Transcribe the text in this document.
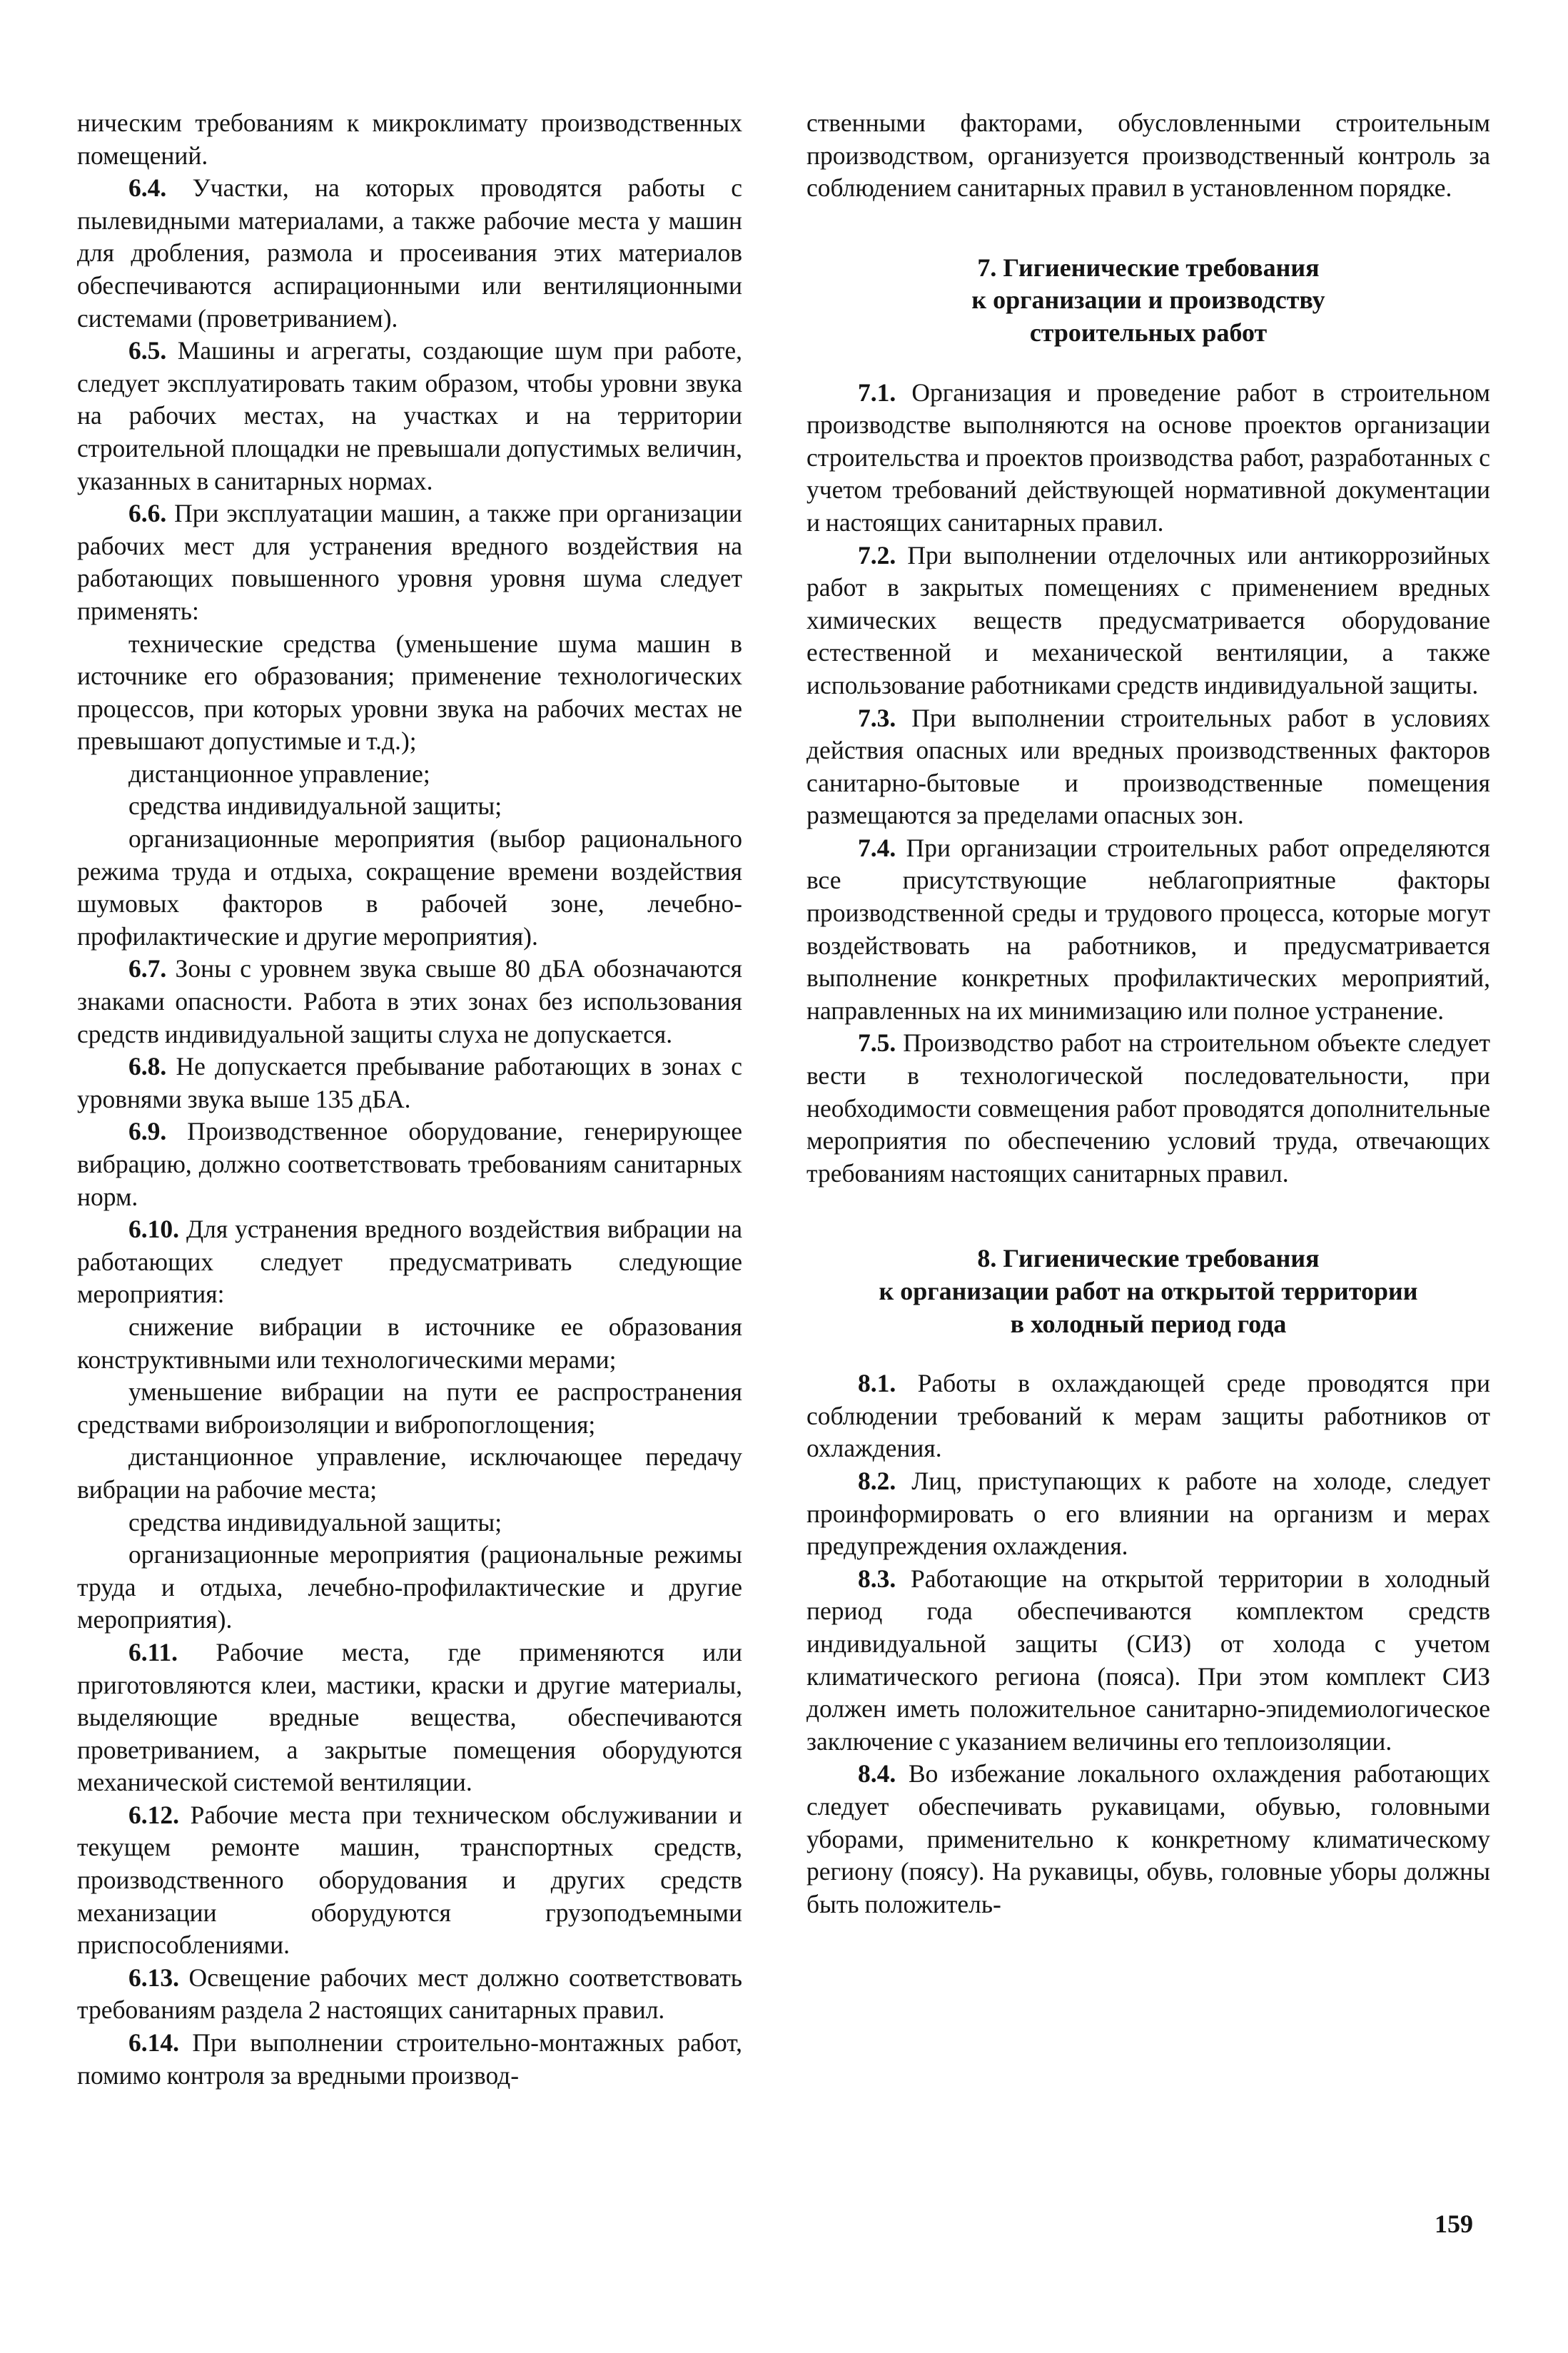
ническим требованиям к микроклимату производственных помещений.

6.4. Участки, на которых проводятся работы с пылевидными материалами, а также рабочие места у машин для дробления, размола и просеивания этих материалов обеспечиваются аспирационными или вентиляционными системами (проветриванием).

6.5. Машины и агрегаты, создающие шум при работе, следует эксплуатировать таким образом, чтобы уровни звука на рабочих местах, на участках и на территории строительной площадки не превышали допустимых величин, указанных в санитарных нормах.

6.6. При эксплуатации машин, а также при организации рабочих мест для устранения вредного воздействия на работающих повышенного уровня уровня шума следует применять:

технические средства (уменьшение шума машин в источнике его образования; применение технологических процессов, при которых уровни звука на рабочих местах не превышают допустимые и т.д.);

дистанционное управление;

средства индивидуальной защиты;

организационные мероприятия (выбор рационального режима труда и отдыха, сокращение времени воздействия шумовых факторов в рабочей зоне, лечебно-профилактические и другие мероприятия).

6.7. Зоны с уровнем звука свыше 80 дБА обозначаются знаками опасности. Работа в этих зонах без использования средств индивидуальной защиты слуха не допускается.

6.8. Не допускается пребывание работающих в зонах с уровнями звука выше 135 дБА.

6.9. Производственное оборудование, генерирующее вибрацию, должно соответствовать требованиям санитарных норм.

6.10. Для устранения вредного воздействия вибрации на работающих следует предусматривать следующие мероприятия:

снижение вибрации в источнике ее образования конструктивными или технологическими мерами;

уменьшение вибрации на пути ее распространения средствами виброизоляции и вибропоглощения;

дистанционное управление, исключающее передачу вибрации на рабочие места;

средства индивидуальной защиты;

организационные мероприятия (рациональные режимы труда и отдыха, лечебно-профилактические и другие мероприятия).

6.11. Рабочие места, где применяются или приготовляются клеи, мастики, краски и другие материалы, выделяющие вредные вещества, обеспечиваются проветриванием, а закрытые помещения оборудуются механической системой вентиляции.

6.12. Рабочие места при техническом обслуживании и текущем ремонте машин, транспортных средств, производственного оборудования и других средств механизации оборудуются грузоподъемными приспособлениями.

6.13. Освещение рабочих мест должно соответствовать требованиям раздела 2 настоящих санитарных правил.

6.14. При выполнении строительно-монтажных работ, помимо контроля за вредными производ-

ственными факторами, обусловленными строительным производством, организуется производственный контроль за соблюдением санитарных правил в установленном порядке.

7. Гигиенические требования
к организации и производству
строительных работ

7.1. Организация и проведение работ в строительном производстве выполняются на основе проектов организации строительства и проектов производства работ, разработанных с учетом требований действующей нормативной документации и настоящих санитарных правил.

7.2. При выполнении отделочных или антикоррозийных работ в закрытых помещениях с применением вредных химических веществ предусматривается оборудование естественной и механической вентиляции, а также использование работниками средств индивидуальной защиты.

7.3. При выполнении строительных работ в условиях действия опасных или вредных производственных факторов санитарно-бытовые и производственные помещения размещаются за пределами опасных зон.

7.4. При организации строительных работ определяются все присутствующие неблагоприятные факторы производственной среды и трудового процесса, которые могут воздействовать на работников, и предусматривается выполнение конкретных профилактических мероприятий, направленных на их минимизацию или полное устранение.

7.5. Производство работ на строительном объекте следует вести в технологической последовательности, при необходимости совмещения работ проводятся дополнительные мероприятия по обеспечению условий труда, отвечающих требованиям настоящих санитарных правил.

8. Гигиенические требования
к организации работ на открытой территории
в холодный период года

8.1. Работы в охлаждающей среде проводятся при соблюдении требований к мерам защиты работников от охлаждения.

8.2. Лиц, приступающих к работе на холоде, следует проинформировать о его влиянии на организм и мерах предупреждения охлаждения.

8.3. Работающие на открытой территории в холодный период года обеспечиваются комплектом средств индивидуальной защиты (СИЗ) от холода с учетом климатического региона (пояса). При этом комплект СИЗ должен иметь положительное санитарно-эпидемиологическое заключение с указанием величины его теплоизоляции.

8.4. Во избежание локального охлаждения работающих следует обеспечивать рукавицами, обувью, головными уборами, применительно к конкретному климатическому региону (поясу). На рукавицы, обувь, головные уборы должны быть положитель-

159
